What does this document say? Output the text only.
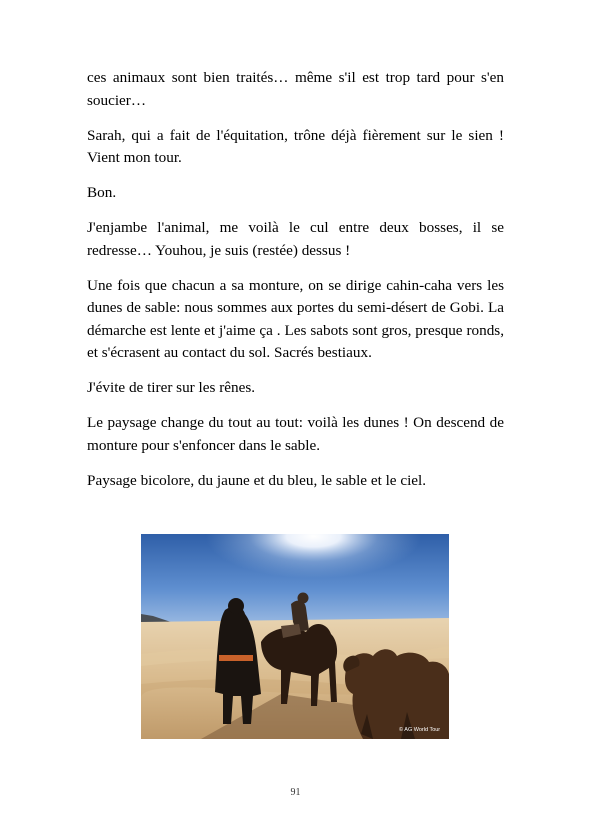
ces animaux sont bien traités… même s'il est trop tard pour s'en soucier…

Sarah, qui a fait de l'équitation, trône déjà fièrement sur le sien ! Vient mon tour.

Bon.

J'enjambe l'animal, me voilà le cul entre deux bosses, il se redresse… Youhou, je suis (restée) dessus !

Une fois que chacun a sa monture, on se dirige cahin-caha vers les dunes de sable: nous sommes aux portes du semi-désert de Gobi. La démarche est lente et j'aime ça . Les sabots sont gros, presque ronds, et s'écrasent au contact du sol. Sacrés bestiaux.

J'évite de tirer sur les rênes.

Le paysage change du tout au tout: voilà les dunes ! On descend de monture pour s'enfoncer dans le sable.

Paysage bicolore, du jaune et du bleu, le sable et le ciel.

© AG World Tour
91
